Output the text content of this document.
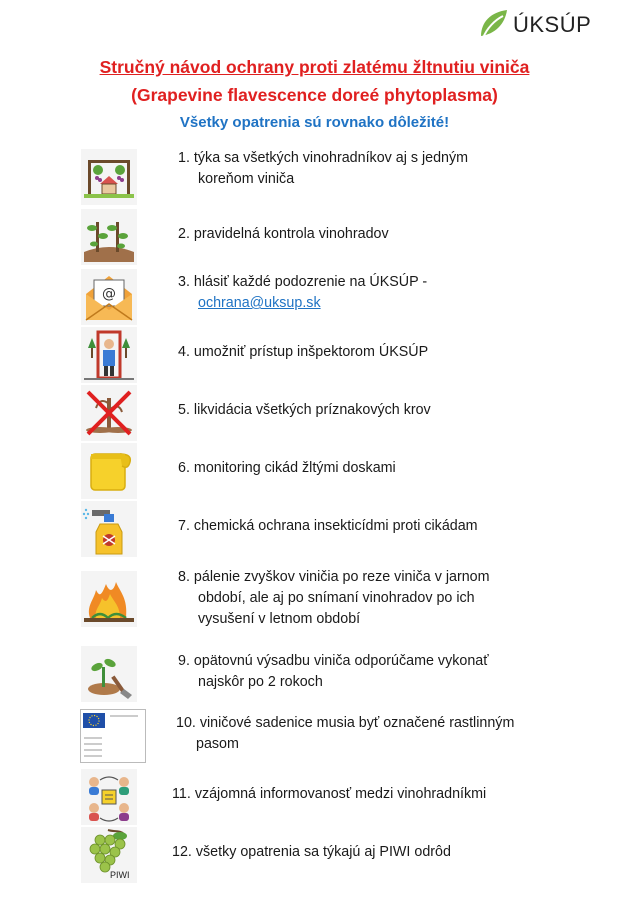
ÚKSÚP
Stručný návod ochrany proti zlatému žltnutiu viniča
(Grapevine flavescence doreé phytoplasma)
Všetky opatrenia sú rovnako dôležité!
1. týka sa všetkých vinohradníkov aj s jedným
koreňom viniča
2. pravidelná kontrola vinohradov
@
3. hlásiť každé podozrenie na ÚKSÚP -
ochrana@uksup.sk
4. umožniť prístup inšpektorom ÚKSÚP
5. likvidácia všetkých príznakových krov
6. monitoring cikád žltými doskami
7. chemická ochrana insekticídmi proti cikádam
8. pálenie zvyškov viničia po reze viniča v jarnom
období, ale aj po snímaní vinohradov po ich
vysušení v letnom období
9. opätovnú výsadbu viniča odporúčame vykonať
najskôr po 2 rokoch
10. viničové sadenice musia byť označené rastlinným
pasom
11. vzájomná informovanosť medzi vinohradníkmi
PIWI
12. všetky opatrenia sa týkajú aj PIWI odrôd
